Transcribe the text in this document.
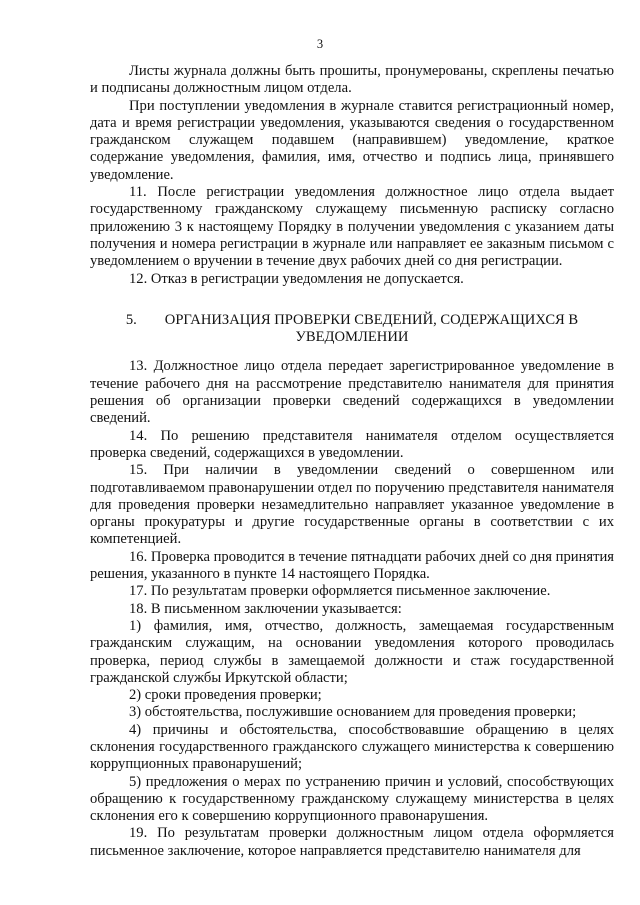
3

Листы журнала должны быть прошиты, пронумерованы, скреплены печатью и подписаны должностным лицом отдела.

При поступлении уведомления в журнале ставится регистрационный номер, дата и время регистрации уведомления, указываются сведения о государственном гражданском служащем подавшем (направившем) уведомление, краткое содержание уведомления, фамилия, имя, отчество и подпись лица, принявшего уведомление.

11. После регистрации уведомления должностное лицо отдела выдает государственному гражданскому служащему письменную расписку согласно приложению 3 к настоящему Порядку в получении уведомления с указанием даты получения и номера регистрации в журнале или направляет ее заказным письмом с уведомлением о вручении в течение двух рабочих дней со дня регистрации.

12. Отказ в регистрации уведомления не допускается.

5. ОРГАНИЗАЦИЯ ПРОВЕРКИ СВЕДЕНИЙ, СОДЕРЖАЩИХСЯ В УВЕДОМЛЕНИИ

13. Должностное лицо отдела передает зарегистрированное уведомление в течение рабочего дня на рассмотрение представителю нанимателя для принятия решения об организации проверки сведений содержащихся в уведомлении сведений.

14. По решению представителя нанимателя отделом осуществляется проверка сведений, содержащихся в уведомлении.

15. При наличии в уведомлении сведений о совершенном или подготавливаемом правонарушении отдел по поручению представителя нанимателя для проведения проверки незамедлительно направляет указанное уведомление в органы прокуратуры и другие государственные органы в соответствии с их компетенцией.

16. Проверка проводится в течение пятнадцати рабочих дней со дня принятия решения, указанного в пункте 14 настоящего Порядка.

17. По результатам проверки оформляется письменное заключение.

18. В письменном заключении указывается:

1) фамилия, имя, отчество, должность, замещаемая государственным гражданским служащим, на основании уведомления которого проводилась проверка, период службы в замещаемой должности и стаж государственной гражданской службы Иркутской области;

2) сроки проведения проверки;

3) обстоятельства, послужившие основанием для проведения проверки;

4) причины и обстоятельства, способствовавшие обращению в целях склонения государственного гражданского служащего министерства к совершению коррупционных правонарушений;

5) предложения о мерах по устранению причин и условий, способствующих обращению к государственному гражданскому служащему министерства в целях склонения его к совершению коррупционного правонарушения.

19. По результатам проверки должностным лицом отдела оформляется письменное заключение, которое направляется представителю нанимателя для
